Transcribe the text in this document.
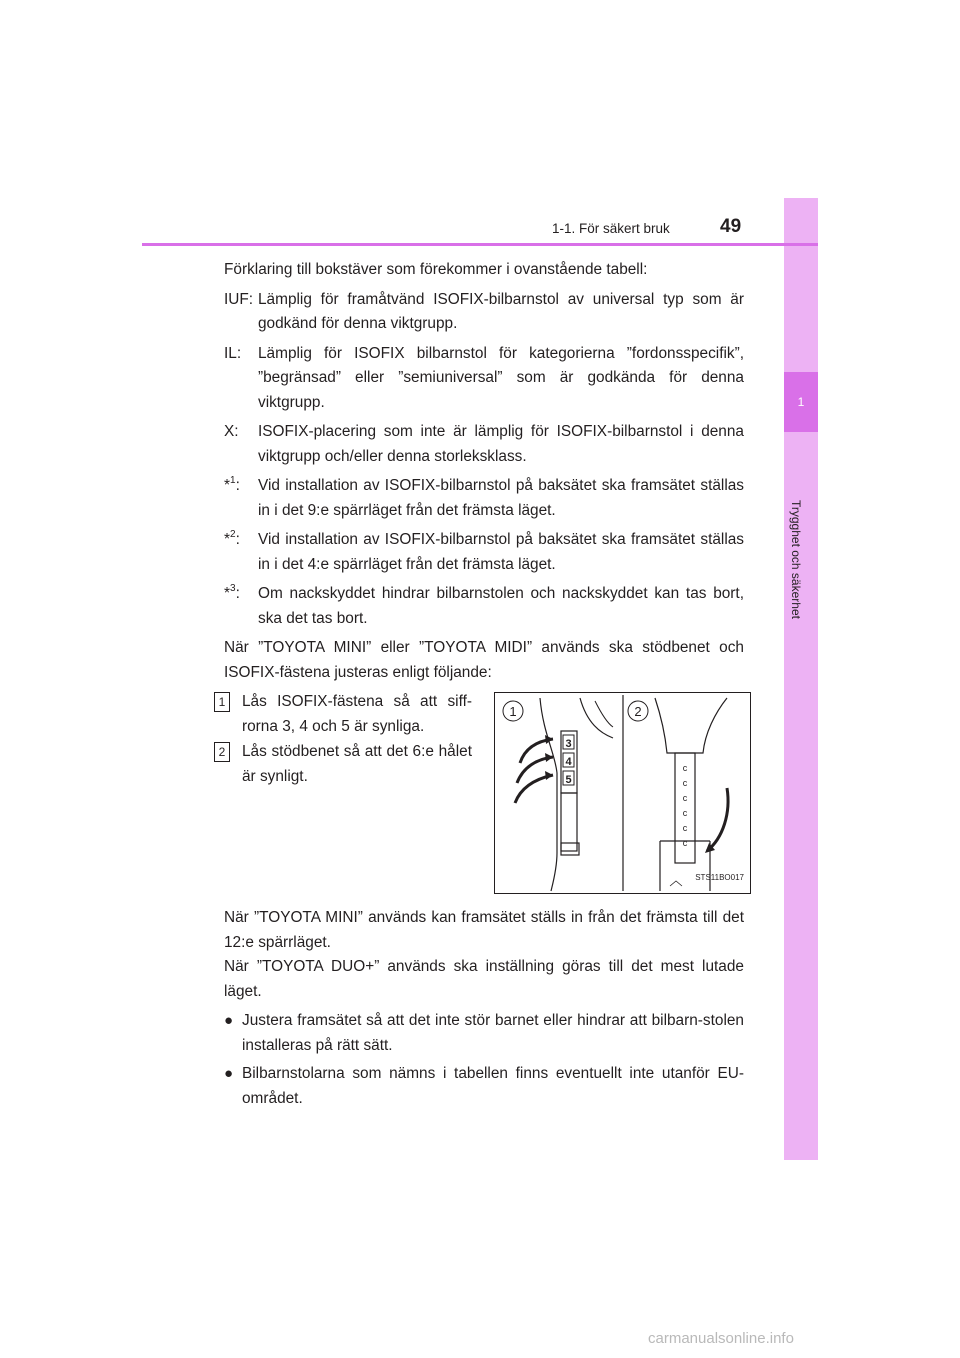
1
Trygghet och säkerhet
1-1. För säkert bruk	49

Förklaring till bokstäver som förekommer i ovanstående tabell:

IUF: Lämplig för framåtvänd ISOFIX-bilbarnstol av universal typ som är godkänd för denna viktgrupp.
IL:	Lämplig för ISOFIX bilbarnstol för kategorierna ”fordonsspecifik”, ”begränsad” eller ”semiuniversal” som är godkända för denna viktgrupp.
X:	ISOFIX-placering som inte är lämplig för ISOFIX-bilbarnstol i denna viktgrupp och/eller denna storleksklass.
*$^1$:	Vid installation av ISOFIX-bilbarnstol på baksätet ska framsätet ställas in i det 9:e spärrläget från det främsta läget.
*$^2$:	Vid installation av ISOFIX-bilbarnstol på baksätet ska framsätet ställas in i det 4:e spärrläget från det främsta läget.
*$^3$:	Om nackskyddet hindrar bilbarnstolen och nackskyddet kan tas bort, ska det tas bort.

När ”TOYOTA MINI” eller ”TOYOTA MIDI” används ska stödbenet och ISOFIX-fästena justeras enligt följande:

1	Lås ISOFIX-fästena så att siff-rorna 3, 4 och 5 är synliga.
2	Lås stödbenet så att det 6:e hålet är synligt.
3
4
5
1
c
c
c
c
c
c
2
STS11BO017

När ”TOYOTA MINI” används kan framsätet ställs in från det främsta till det 12:e spärrläget.

När ”TOYOTA DUO+” används ska inställning göras till det mest lutade läget.

● Justera framsätet så att det inte stör barnet eller hindrar att bilbarn-stolen installeras på rätt sätt.
● Bilbarnstolarna som nämns i tabellen finns eventuellt inte utanför EU-området.
carmanualsonline.info
